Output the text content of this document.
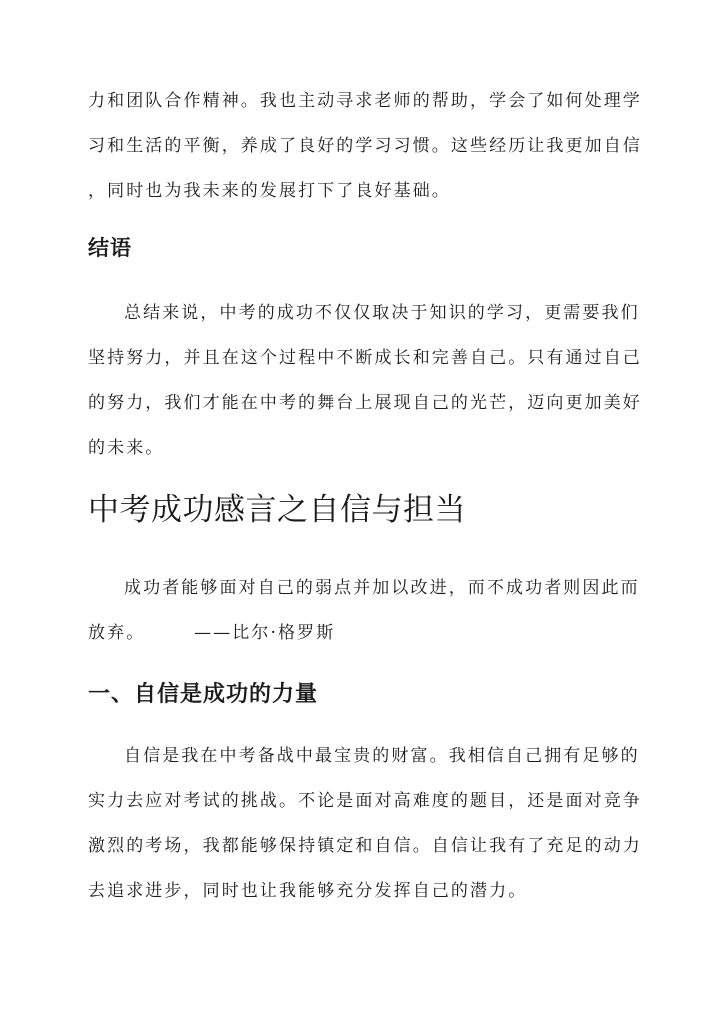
力和团队合作精神。我也主动寻求老师的帮助，学会了如何处理学
习和生活的平衡，养成了良好的学习习惯。这些经历让我更加自信
，同时也为我未来的发展打下了良好基础。
结语
总结来说，中考的成功不仅仅取决于知识的学习，更需要我们
坚持努力，并且在这个过程中不断成长和完善自己。只有通过自己
的努力，我们才能在中考的舞台上展现自己的光芒，迈向更加美好
的未来。
中考成功感言之自信与担当
成功者能够面对自己的弱点并加以改进，而不成功者则因此而
放弃。　　　——比尔·格罗斯
一、自信是成功的力量
自信是我在中考备战中最宝贵的财富。我相信自己拥有足够的
实力去应对考试的挑战。不论是面对高难度的题目，还是面对竞争
激烈的考场，我都能够保持镇定和自信。自信让我有了充足的动力
去追求进步，同时也让我能够充分发挥自己的潜力。
